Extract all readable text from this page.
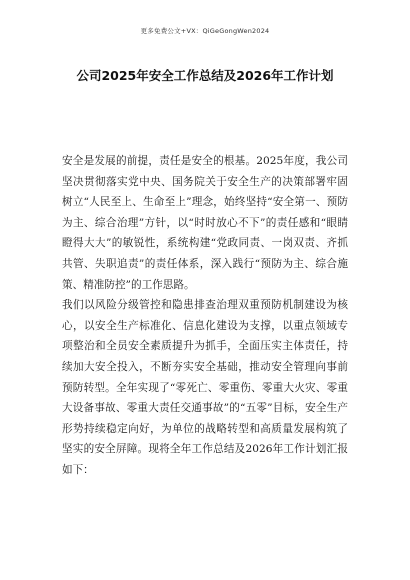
更多免费公文+VX：QiGeGongWen2024
公司2025年安全工作总结及2026年工作计划

安全是发展的前提，责任是安全的根基。2025年度，我公司坚决贯彻落实党中央、国务院关于安全生产的决策部署牢固树立“人民至上、生命至上”理念，始终坚持“安全第一、预防为主、综合治理”方针，以“时时放心不下”的责任感和“眼睛瞪得大大”的敏锐性，系统构建“党政同责、一岗双责、齐抓共管、失职追责”的责任体系，深入践行“预防为主、综合施策、精准防控”的工作思路。

我们以风险分级管控和隐患排查治理双重预防机制建设为核心，以安全生产标准化、信息化建设为支撑，以重点领域专项整治和全员安全素质提升为抓手，全面压实主体责任，持续加大安全投入，不断夯实安全基础，推动安全管理向事前预防转型。全年实现了“零死亡、零重伤、零重大火灾、零重大设备事故、零重大责任交通事故”的“五零”目标，安全生产形势持续稳定向好，为单位的战略转型和高质量发展构筑了坚实的安全屏障。现将全年工作总结及2026年工作计划汇报如下：
